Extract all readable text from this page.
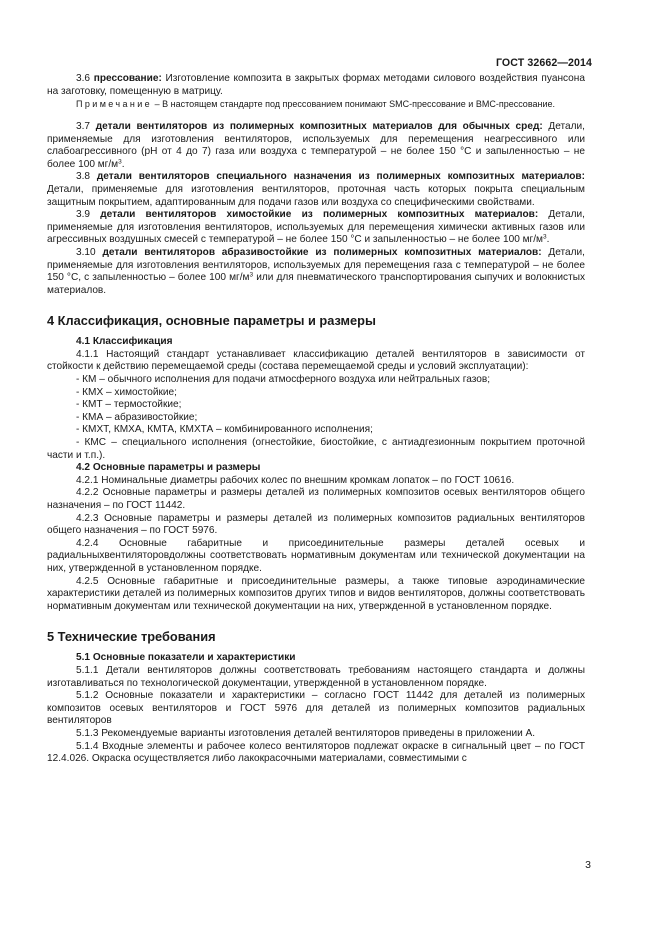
ГОСТ 32662—2014

3.6 прессование: Изготовление композита в закрытых формах методами силового воздействия пуансона на заготовку, помещенную в матрицу.

Примечание – В настоящем стандарте под прессованием понимают SMC-прессование и BMC-прессование.

3.7 детали вентиляторов из полимерных композитных материалов для обычных сред: Детали, применяемые для изготовления вентиляторов, используемых для перемещения неагрессивного или слабоагрессивного (pH от 4 до 7) газа или воздуха с температурой – не более 150 °С и запыленностью – не более 100 $мг/м^3$.

3.8 детали вентиляторов специального назначения из полимерных композитных материалов: Детали, применяемые для изготовления вентиляторов, проточная часть которых покрыта специальным защитным покрытием, адаптированным для подачи газов или воздуха со специфическими свойствами.

3.9 детали вентиляторов химостойкие из полимерных композитных материалов: Детали, применяемые для изготовления вентиляторов, используемых для перемещения химически активных газов или агрессивных воздушных смесей с температурой – не более 150 °С и запыленностью – не более 100 $мг/м^3$.

3.10 детали вентиляторов абразивостойкие из полимерных композитных материалов: Детали, применяемые для изготовления вентиляторов, используемых для перемещения газа с температурой – не более 150 °С, с запыленностью – более 100 $мг/м^3$ или для пневматического транспортирования сыпучих и волокнистых материалов.

4 Классификация, основные параметры и размеры

4.1 Классификация

4.1.1 Настоящий стандарт устанавливает классификацию деталей вентиляторов в зависимости от стойкости к действию перемещаемой среды (состава перемещаемой среды и условий эксплуатации):

- КМ – обычного исполнения для подачи атмосферного воздуха или нейтральных газов;

- КМХ – химостойкие;

- КМТ – термостойкие;

- КМА – абразивостойкие;

- КМХТ, КМХА, КМТА, КМХТА – комбинированного исполнения;

- КМС – специального исполнения (огнестойкие, биостойкие, с антиадгезионным покрытием проточной части и т.п.).

4.2 Основные параметры и размеры

4.2.1 Номинальные диаметры рабочих колес по внешним кромкам лопаток – по ГОСТ 10616.

4.2.2 Основные параметры и размеры деталей из полимерных композитов осевых вентиляторов общего назначения – по ГОСТ 11442.

4.2.3 Основные параметры и размеры деталей из полимерных композитов радиальных вентиляторов общего назначения – по ГОСТ 5976.

4.2.4 Основные габаритные и присоединительные размеры деталей осевых и радиальныхвентиляторовдолжны соответствовать нормативным документам или технической документации на них, утвержденной в установленном порядке.

4.2.5 Основные габаритные и присоединительные размеры, а также типовые аэродинамические характеристики деталей из полимерных композитов других типов и видов вентиляторов, должны соответствовать нормативным документам или технической документации на них, утвержденной в установленном порядке.

5 Технические требования

5.1 Основные показатели и характеристики

5.1.1 Детали вентиляторов должны соответствовать требованиям настоящего стандарта и должны изготавливаться по технологической документации, утвержденной в установленном порядке.

5.1.2 Основные показатели и характеристики – согласно ГОСТ 11442 для деталей из полимерных композитов осевых вентиляторов и ГОСТ 5976 для деталей из полимерных композитов радиальных вентиляторов

5.1.3 Рекомендуемые варианты изготовления деталей вентиляторов приведены в приложении А.

5.1.4 Входные элементы и рабочее колесо вентиляторов подлежат окраске в сигнальный цвет – по ГОСТ 12.4.026. Окраска осуществляется либо лакокрасочными материалами, совместимыми с

3
